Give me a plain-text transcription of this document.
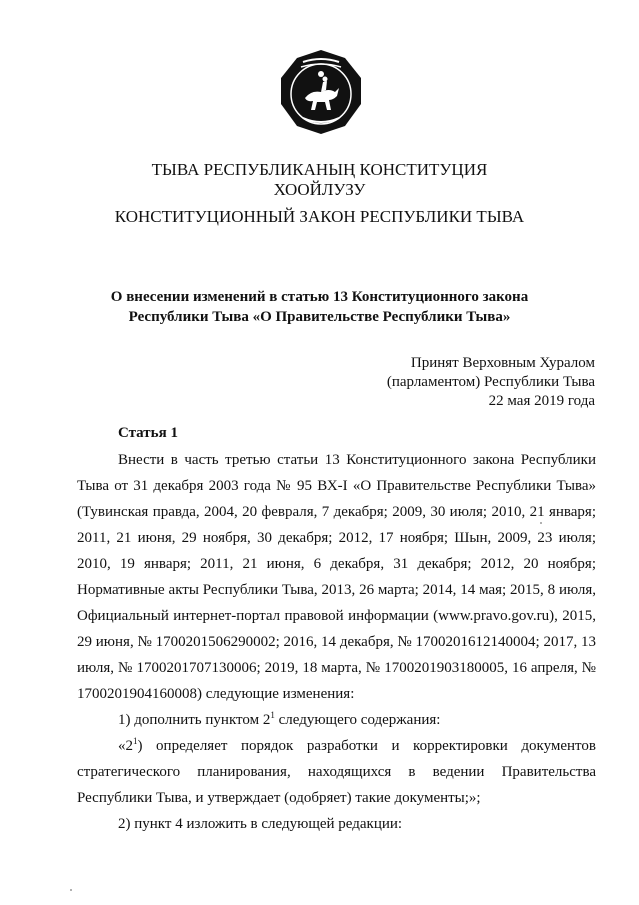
ТЫВА РЕСПУБЛИКАНЫҢ КОНСТИТУЦИЯ
ХООЙЛУЗУ
КОНСТИТУЦИОННЫЙ ЗАКОН РЕСПУБЛИКИ ТЫВА
О внесении изменений в статью 13 Конституционного закона
Республики Тыва «О Правительстве Республики Тыва»
Принят Верховным Хуралом
(парламентом) Республики Тыва
22 мая 2019 года
Статья 1

Внести в часть третью статьи 13 Конституционного закона Республики Тыва от 31 декабря 2003 года № 95 ВХ-I «О Правительстве Республики Тыва» (Тувинская правда, 2004, 20 февраля, 7 декабря; 2009, 30 июля; 2010, 21 января; 2011, 21 июня, 29 ноября, 30 декабря; 2012, 17 ноября; Шын, 2009, 23 июля; 2010, 19 января; 2011, 21 июня, 6 декабря, 31 декабря; 2012, 20 ноября; Нормативные акты Республики Тыва, 2013, 26 марта; 2014, 14 мая; 2015, 8 июля, Официальный интернет-портал правовой информации (www.pravo.gov.ru), 2015, 29 июня, № 1700201506290002; 2016, 14 декабря, № 1700201612140004; 2017, 13 июля, № 1700201707130006; 2019, 18 марта, № 1700201903180005, 16 апреля, № 1700201904160008) следующие изменения:

1) дополнить пунктом $2^1$ следующего содержания:

«$2^1$) определяет порядок разработки и корректировки документов стратегического планирования, находящихся в ведении Правительства Республики Тыва, и утверждает (одобряет) такие документы;»;

2) пункт 4 изложить в следующей редакции:
